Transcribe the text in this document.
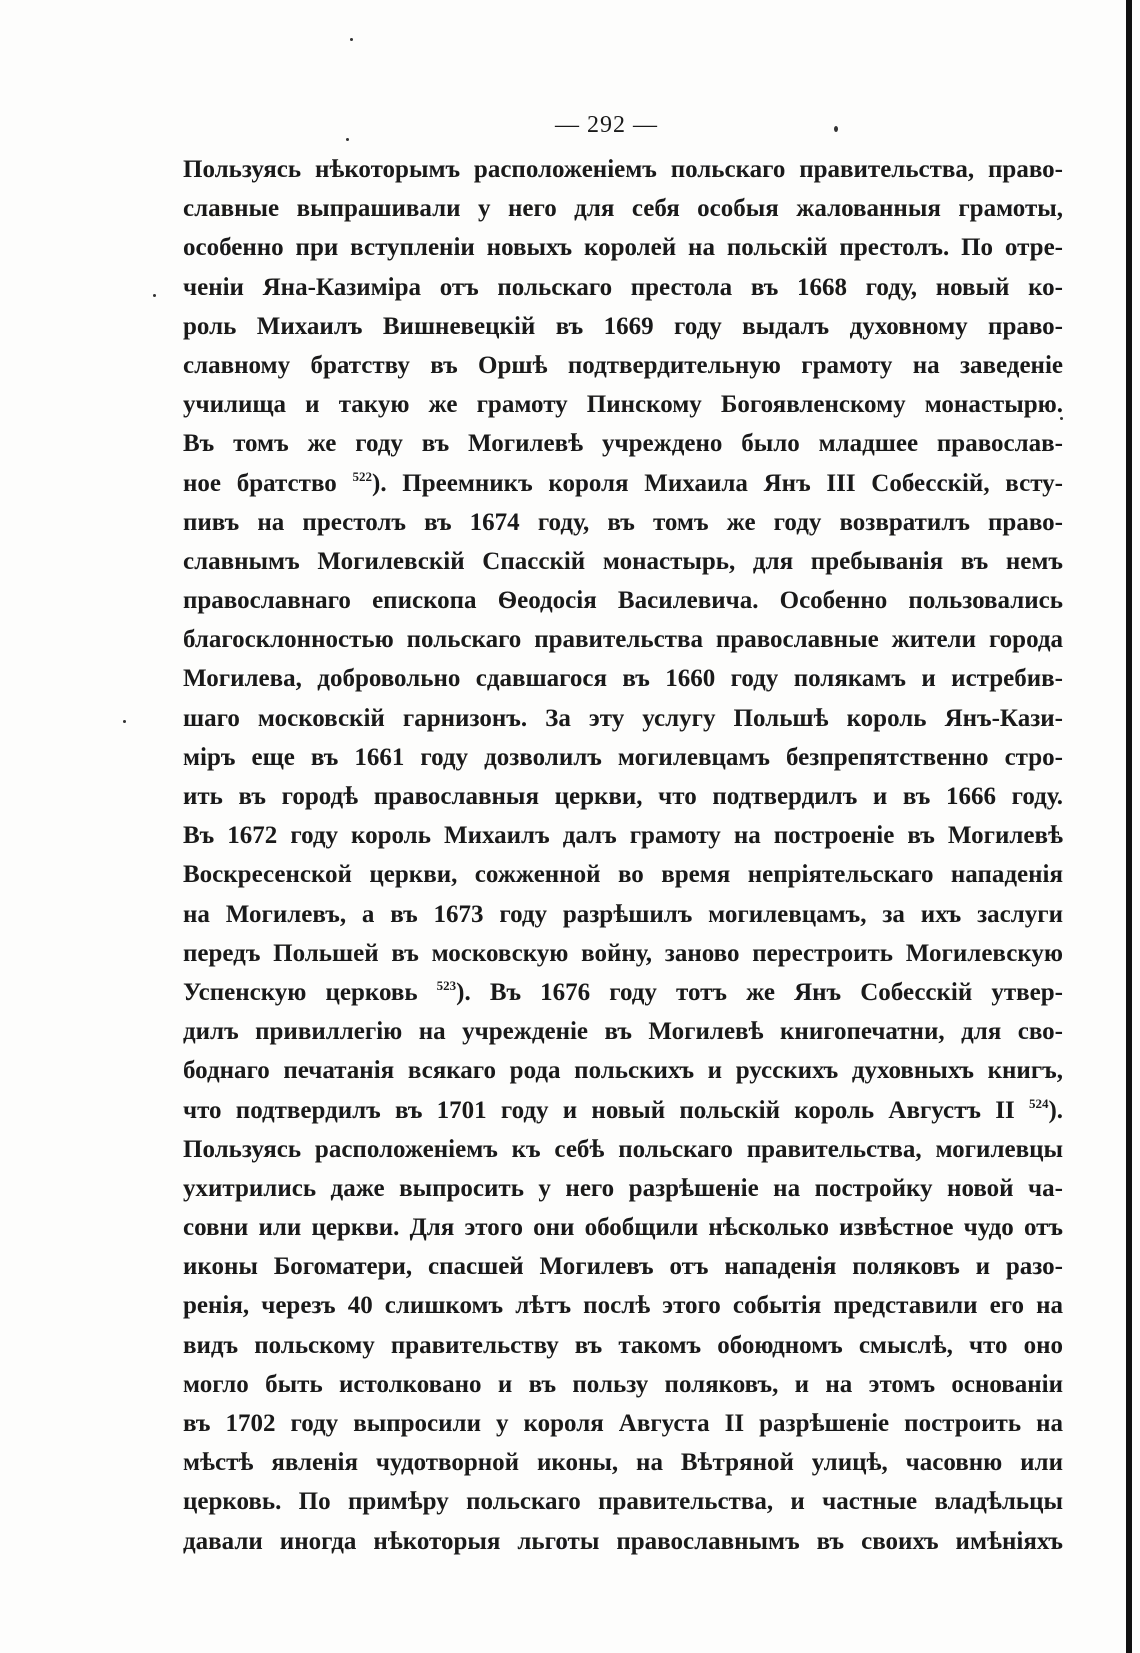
— 292 —
Пользуясь нѣкоторымъ расположеніемъ польскаго правительства, право-
славные выпрашивали у него для себя особыя жалованныя грамоты,
особенно при вступленіи новыхъ королей на польскій престолъ. По отре-
ченіи Яна-Казиміра отъ польскаго престола въ 1668 году, новый ко-
роль Михаилъ Вишневецкій въ 1669 году выдалъ духовному право-
славному братству въ Оршѣ подтвердительную грамоту на заведеніе
училища и такую же грамоту Пинскому Богоявленскому монастырю.
Въ томъ же году въ Могилевѣ учреждено было младшее православ-
ное братство $^{522}$). Преемникъ короля Михаила Янъ III Собесскій, всту-
пивъ на престолъ въ 1674 году, въ томъ же году возвратилъ право-
славнымъ Могилевскій Спасскій монастырь, для пребыванія въ немъ
православнаго епископа Ѳеодосія Василевича. Особенно пользовались
благосклонностью польскаго правительства православные жители города
Могилева, добровольно сдавшагося въ 1660 году полякамъ и истребив-
шаго московскій гарнизонъ. За эту услугу Польшѣ король Янъ-Кази-
міръ еще въ 1661 году дозволилъ могилевцамъ безпрепятственно стро-
ить въ городѣ православныя церкви, что подтвердилъ и въ 1666 году.
Въ 1672 году король Михаилъ далъ грамоту на построеніе въ Могилевѣ
Воскресенской церкви, сожженной во время непріятельскаго нападенія
на Могилевъ, а въ 1673 году разрѣшилъ могилевцамъ, за ихъ заслуги
передъ Польшей въ московскую войну, заново перестроить Могилевскую
Успенскую церковь $^{523}$). Въ 1676 году тотъ же Янъ Собесскій утвер-
дилъ привиллегію на учрежденіе въ Могилевѣ книгопечатни, для сво-
боднаго печатанія всякаго рода польскихъ и русскихъ духовныхъ книгъ,
что подтвердилъ въ 1701 году и новый польскій король Августъ II $^{524}$).
Пользуясь расположеніемъ къ себѣ польскаго правительства, могилевцы
ухитрились даже выпросить у него разрѣшеніе на постройку новой ча-
совни или церкви. Для этого они обобщили нѣсколько извѣстное чудо отъ
иконы Богоматери, спасшей Могилевъ отъ нападенія поляковъ и разо-
ренія, черезъ 40 слишкомъ лѣтъ послѣ этого событія представили его на
видъ польскому правительству въ такомъ обоюдномъ смыслѣ, что оно
могло быть истолковано и въ пользу поляковъ, и на этомъ основаніи
въ 1702 году выпросили у короля Августа II разрѣшеніе построить на
мѣстѣ явленія чудотворной иконы, на Вѣтряной улицѣ, часовню или
церковь. По примѣру польскаго правительства, и частные владѣльцы
давали иногда нѣкоторыя льготы православнымъ въ своихъ имѣніяхъ
